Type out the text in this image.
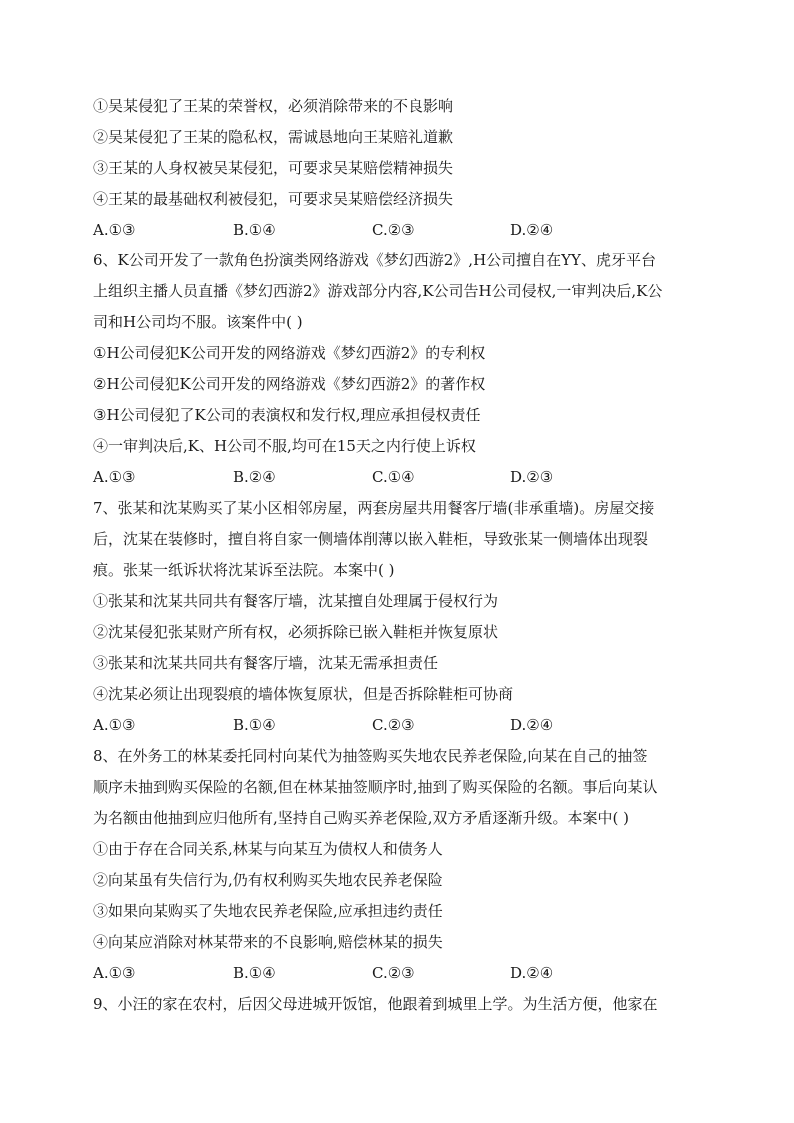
①吴某侵犯了王某的荣誉权，必须消除带来的不良影响
②吴某侵犯了王某的隐私权，需诚恳地向王某赔礼道歉
③王某的人身权被吴某侵犯，可要求吴某赔偿精神损失
④王某的最基础权利被侵犯，可要求吴某赔偿经济损失
A.①③	B.①④	C.②③	D.②④
6、K公司开发了一款角色扮演类网络游戏《梦幻西游2》,H公司擅自在YY、虎牙平台
上组织主播人员直播《梦幻西游2》游戏部分内容,K公司告H公司侵权,一审判决后,K公
司和H公司均不服。该案件中( )
①H公司侵犯K公司开发的网络游戏《梦幻西游2》的专利权
②H公司侵犯K公司开发的网络游戏《梦幻西游2》的著作权
③H公司侵犯了K公司的表演权和发行权,理应承担侵权责任
④一审判决后,K、H公司不服,均可在15天之内行使上诉权
A.①③	B.②④	C.①④	D.②③
7、张某和沈某购买了某小区相邻房屋，两套房屋共用餐客厅墙(非承重墙)。房屋交接
后，沈某在装修时，擅自将自家一侧墙体削薄以嵌入鞋柜，导致张某一侧墙体出现裂
痕。张某一纸诉状将沈某诉至法院。本案中( )
①张某和沈某共同共有餐客厅墙，沈某擅自处理属于侵权行为
②沈某侵犯张某财产所有权，必须拆除已嵌入鞋柜并恢复原状
③张某和沈某共同共有餐客厅墙，沈某无需承担责任
④沈某必须让出现裂痕的墙体恢复原状，但是否拆除鞋柜可协商
A.①③	B.①④	C.②③	D.②④
8、在外务工的林某委托同村向某代为抽签购买失地农民养老保险,向某在自己的抽签
顺序未抽到购买保险的名额,但在林某抽签顺序时,抽到了购买保险的名额。事后向某认
为名额由他抽到应归他所有,坚持自己购买养老保险,双方矛盾逐渐升级。本案中( )
①由于存在合同关系,林某与向某互为债权人和债务人
②向某虽有失信行为,仍有权利购买失地农民养老保险
③如果向某购买了失地农民养老保险,应承担违约责任
④向某应消除对林某带来的不良影响,赔偿林某的损失
A.①③	B.①④	C.②③	D.②④
9、小汪的家在农村，后因父母进城开饭馆，他跟着到城里上学。为生活方便，他家在
